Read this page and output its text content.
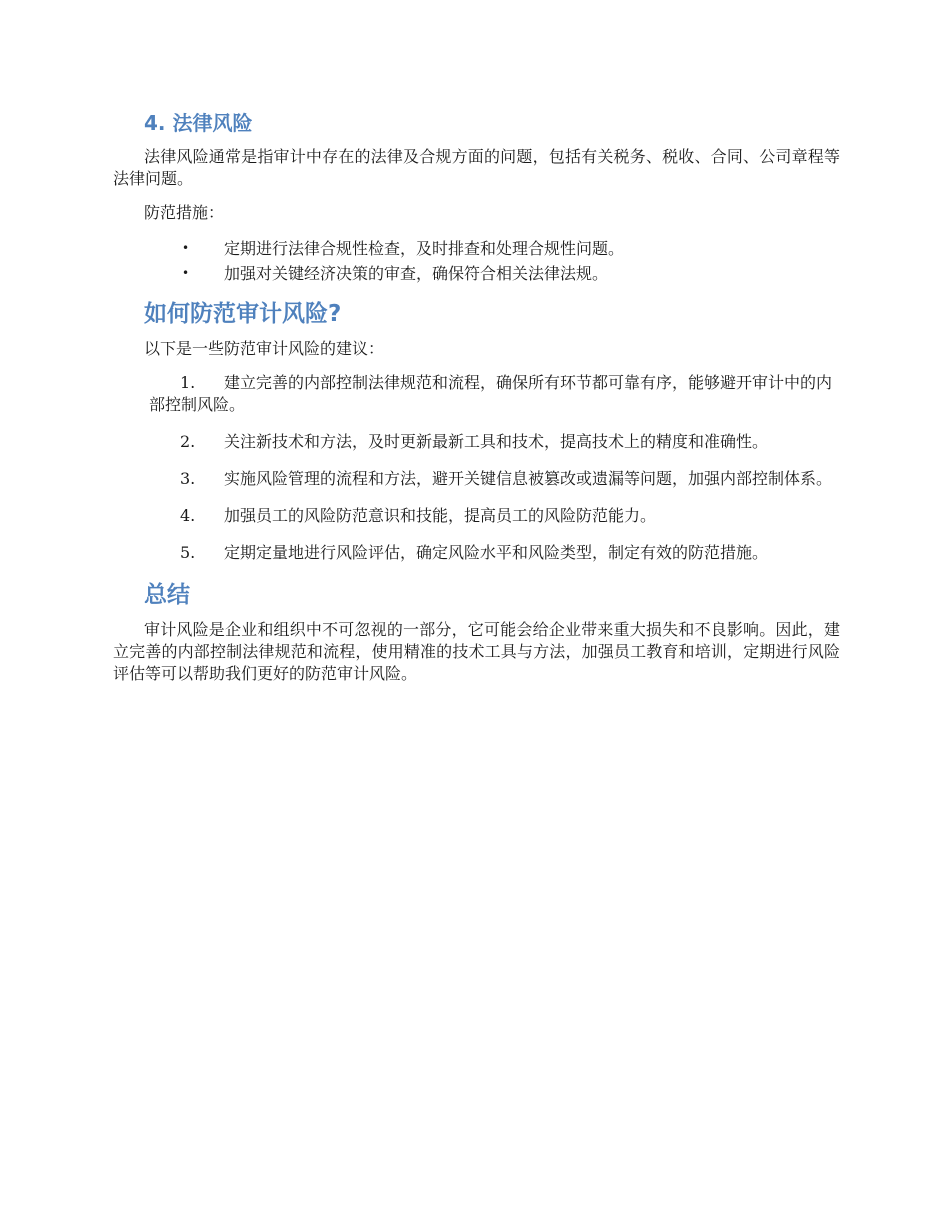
4. 法律风险

法律风险通常是指审计中存在的法律及合规方面的问题，包括有关税务、税收、合同、公司章程等法律问题。

防范措施：

• 定期进行法律合规性检查，及时排查和处理合规性问题。
• 加强对关键经济决策的审查，确保符合相关法律法规。
如何防范审计风险?

以下是一些防范审计风险的建议：

1. 建立完善的内部控制法律规范和流程，确保所有环节都可靠有序，能够避开审计中的内部控制风险。
2. 关注新技术和方法，及时更新最新工具和技术，提高技术上的精度和准确性。
3. 实施风险管理的流程和方法，避开关键信息被篡改或遗漏等问题，加强内部控制体系。
4. 加强员工的风险防范意识和技能，提高员工的风险防范能力。
5. 定期定量地进行风险评估，确定风险水平和风险类型，制定有效的防范措施。
总结

审计风险是企业和组织中不可忽视的一部分，它可能会给企业带来重大损失和不良影响。因此，建立完善的内部控制法律规范和流程，使用精准的技术工具与方法，加强员工教育和培训，定期进行风险评估等可以帮助我们更好的防范审计风险。
